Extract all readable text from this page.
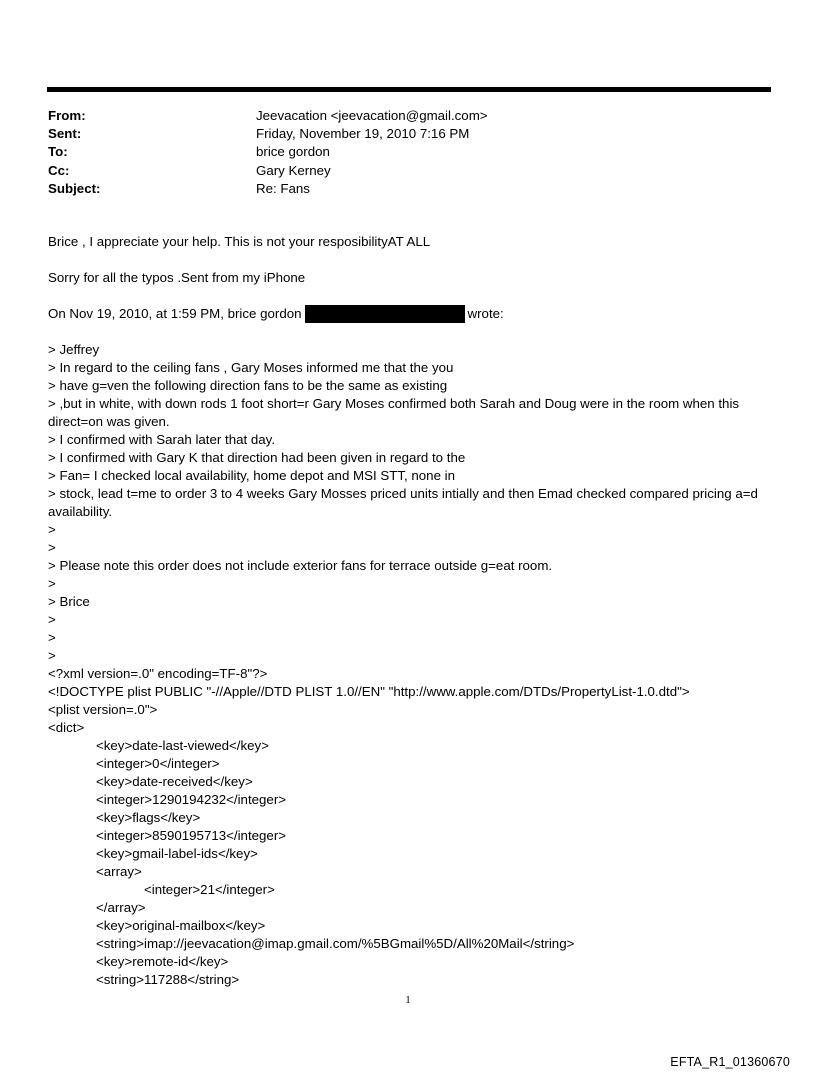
From:	Jeevacation <jeevacation@gmail.com>
Sent:	Friday, November 19, 2010 7:16 PM
To:	brice gordon
Cc:	Gary Kerney
Subject:	Re: Fans

Brice , I appreciate your help. This is not your resposibilityAT ALL

Sorry for all the typos .Sent from my iPhone

On Nov 19, 2010, at 1:59 PM, brice gordon	wrote:

> Jeffrey

> In regard to the ceiling fans , Gary Moses informed me that the you

> have g=ven the following direction fans to be the same as existing

> ,but in white, with down rods 1 foot short=r Gary Moses confirmed both Sarah and Doug were in the room when this direct=on was given.

> I confirmed with Sarah later that day.

> I confirmed with Gary K that direction had been given in regard to the

> Fan= I checked local availability, home depot and MSI STT, none in

> stock, lead t=me to order 3 to 4 weeks Gary Mosses priced units intially and then Emad checked compared pricing a=d availability.

>

>

> Please note this order does not include exterior fans for terrace outside g=eat room.

>

> Brice

>

>

>

<?xml version=.0" encoding=TF-8"?>

<!DOCTYPE plist PUBLIC "-//Apple//DTD PLIST 1.0//EN" "http://www.apple.com/DTDs/PropertyList-1.0.dtd">

<plist version=.0">

<dict>

<key>date-last-viewed</key>

<integer>0</integer>

<key>date-received</key>

<integer>1290194232</integer>

<key>flags</key>

<integer>8590195713</integer>

<key>gmail-label-ids</key>

<array>

<integer>21</integer>

</array>

<key>original-mailbox</key>

<string>imap://jeevacation@imap.gmail.com/%5BGmail%5D/All%20Mail</string>

<key>remote-id</key>

<string>117288</string>

1
EFTA_R1_01360670
